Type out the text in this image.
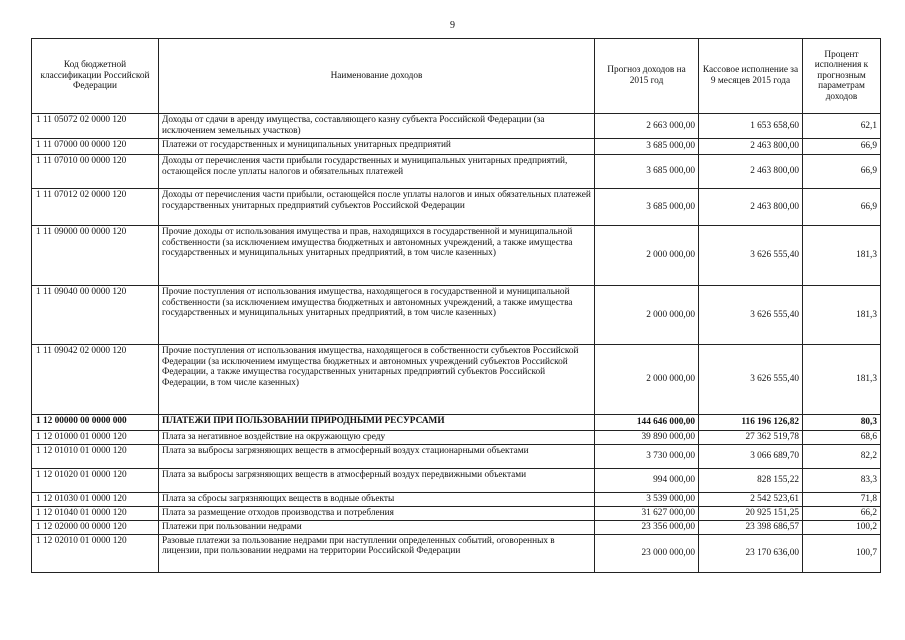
9
Код бюджетной классификации Российской Федерации	Наименование доходов	Прогноз доходов на 2015 год	Кассовое исполнение за 9 месяцев 2015 года	Процент исполнения к прогнозным параметрам доходов
1 11 05072 02 0000 120	Доходы от сдачи в аренду имущества, составляющего казну субъекта Российской Федерации (за исключением земельных участков)	2 663 000,00	1 653 658,60	62,1
1 11 07000 00 0000 120	Платежи от государственных и муниципальных унитарных предприятий	3 685 000,00	2 463 800,00	66,9
1 11 07010 00 0000 120	Доходы от перечисления части прибыли государственных и муниципальных унитарных предприятий, остающейся после уплаты налогов и обязательных платежей	3 685 000,00	2 463 800,00	66,9
1 11 07012 02 0000 120	Доходы от перечисления части прибыли, остающейся после уплаты налогов и иных обязательных платежей государственных унитарных предприятий субъектов Российской Федерации	3 685 000,00	2 463 800,00	66,9
1 11 09000 00 0000 120	Прочие доходы от использования имущества и прав, находящихся в государственной и муниципальной собственности (за исключением имущества бюджетных и автономных учреждений, а также имущества государственных и муниципальных унитарных предприятий, в том числе казенных)	2 000 000,00	3 626 555,40	181,3
1 11 09040 00 0000 120	Прочие поступления от использования имущества, находящегося в государственной и муниципальной собственности (за исключением имущества бюджетных и автономных учреждений, а также имущества государственных и муниципальных унитарных предприятий, в том числе казенных)	2 000 000,00	3 626 555,40	181,3
1 11 09042 02 0000 120	Прочие поступления от использования имущества, находящегося в собственности субъектов Российской Федерации (за исключением имущества бюджетных и автономных учреждений субъектов Российской Федерации, а также имущества государственных унитарных предприятий субъектов Российской Федерации, в том числе казенных)	2 000 000,00	3 626 555,40	181,3
1 12 00000 00 0000 000	ПЛАТЕЖИ ПРИ ПОЛЬЗОВАНИИ ПРИРОДНЫМИ РЕСУРСАМИ	144 646 000,00	116 196 126,82	80,3
1 12 01000 01 0000 120	Плата за негативное воздействие на окружающую среду	39 890 000,00	27 362 519,78	68,6
1 12 01010 01 0000 120	Плата за выбросы загрязняющих веществ в атмосферный воздух стационарными объектами	3 730 000,00	3 066 689,70	82,2
1 12 01020 01 0000 120	Плата за выбросы загрязняющих веществ в атмосферный воздух передвижными объектами	994 000,00	828 155,22	83,3
1 12 01030 01 0000 120	Плата за сбросы загрязняющих веществ в водные объекты	3 539 000,00	2 542 523,61	71,8
1 12 01040 01 0000 120	Плата за размещение отходов производства и потребления	31 627 000,00	20 925 151,25	66,2
1 12 02000 00 0000 120	Платежи при пользовании недрами	23 356 000,00	23 398 686,57	100,2
1 12 02010 01 0000 120	Разовые платежи за пользование недрами при наступлении определенных событий, оговоренных в лицензии, при пользовании недрами на территории Российской Федерации	23 000 000,00	23 170 636,00	100,7
